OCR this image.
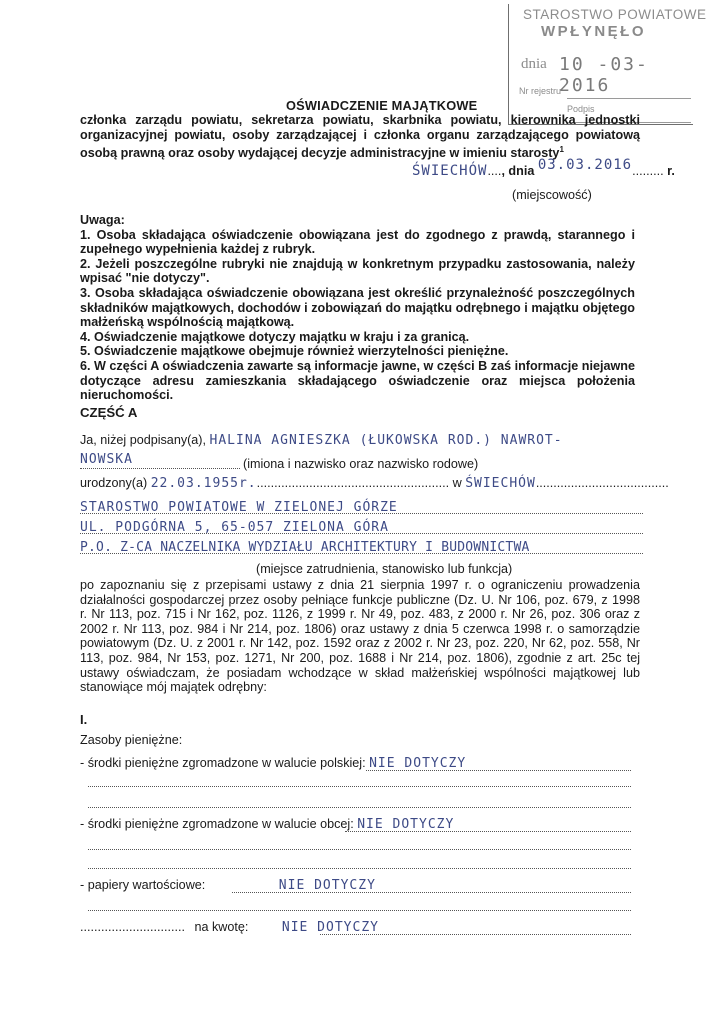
STAROSTWO POWIATOWE
WPŁYNĘŁO
dnia 10 -03- 2016
Nr rejestru
Podpis
OŚWIADCZENIE MAJĄTKOWE
członka zarządu powiatu, sekretarza powiatu, skarbnika powiatu, kierownika jednostki organizacyjnej powiatu, osoby zarządzającej i członka organu zarządzającego powiatową osobą prawną oraz osoby wydającej decyzje administracyjne w imieniu starosty$^1$
ŚWIECHÓW...., dnia 03.03.2016......... r.
(miejscowość)

Uwaga:

1. Osoba składająca oświadczenie obowiązana jest do zgodnego z prawdą, starannego i zupełnego wypełnienia każdej z rubryk.

2. Jeżeli poszczególne rubryki nie znajdują w konkretnym przypadku zastosowania, należy wpisać "nie dotyczy".

3. Osoba składająca oświadczenie obowiązana jest określić przynależność poszczególnych składników majątkowych, dochodów i zobowiązań do majątku odrębnego i majątku objętego małżeńską wspólnością majątkową.

4. Oświadczenie majątkowe dotyczy majątku w kraju i za granicą.

5. Oświadczenie majątkowe obejmuje również wierzytelności pieniężne.

6. W części A oświadczenia zawarte są informacje jawne, w części B zaś informacje niejawne dotyczące adresu zamieszkania składającego oświadczenie oraz miejsca położenia nieruchomości.

CZĘŚĆ A
Ja, niżej podpisany(a), HALINA AGNIESZKA (ŁUKOWSKA ROD.) NAWROT-
NOWSKA	(imiona i nazwisko oraz nazwisko rodowe)
urodzony(a) 22.03.1955r........................................................ w ŚWIECHÓW......................................
STAROSTWO POWIATOWE W ZIELONEJ GÓRZE
UL. PODGÓRNA 5, 65-057 ZIELONA GÓRA
P.O. Z-CA NACZELNIKA WYDZIAŁU ARCHITEKTURY I BUDOWNICTWA
(miejsce zatrudnienia, stanowisko lub funkcja)
po zapoznaniu się z przepisami ustawy z dnia 21 sierpnia 1997 r. o ograniczeniu prowadzenia działalności gospodarczej przez osoby pełniące funkcje publiczne (Dz. U. Nr 106, poz. 679, z 1998 r. Nr 113, poz. 715 i Nr 162, poz. 1126, z 1999 r. Nr 49, poz. 483, z 2000 r. Nr 26, poz. 306 oraz z 2002 r. Nr 113, poz. 984 i Nr 214, poz. 1806) oraz ustawy z dnia 5 czerwca 1998 r. o samorządzie powiatowym (Dz. U. z 2001 r. Nr 142, poz. 1592 oraz z 2002 r. Nr 23, poz. 220, Nr 62, poz. 558, Nr 113, poz. 984, Nr 153, poz. 1271, Nr 200, poz. 1688 i Nr 214, poz. 1806), zgodnie z art. 25c tej ustawy oświadczam, że posiadam wchodzące w skład małżeńskiej wspólności majątkowej lub stanowiące mój majątek odrębny:
I.
Zasoby pieniężne:
- środki pieniężne zgromadzone w walucie polskiej: NIE DOTYCZY
- środki pieniężne zgromadzone w walucie obcej: NIE DOTYCZY
- papiery wartościowe:	NIE DOTYCZY
.............................. na kwotę:	NIE DOTYCZY
